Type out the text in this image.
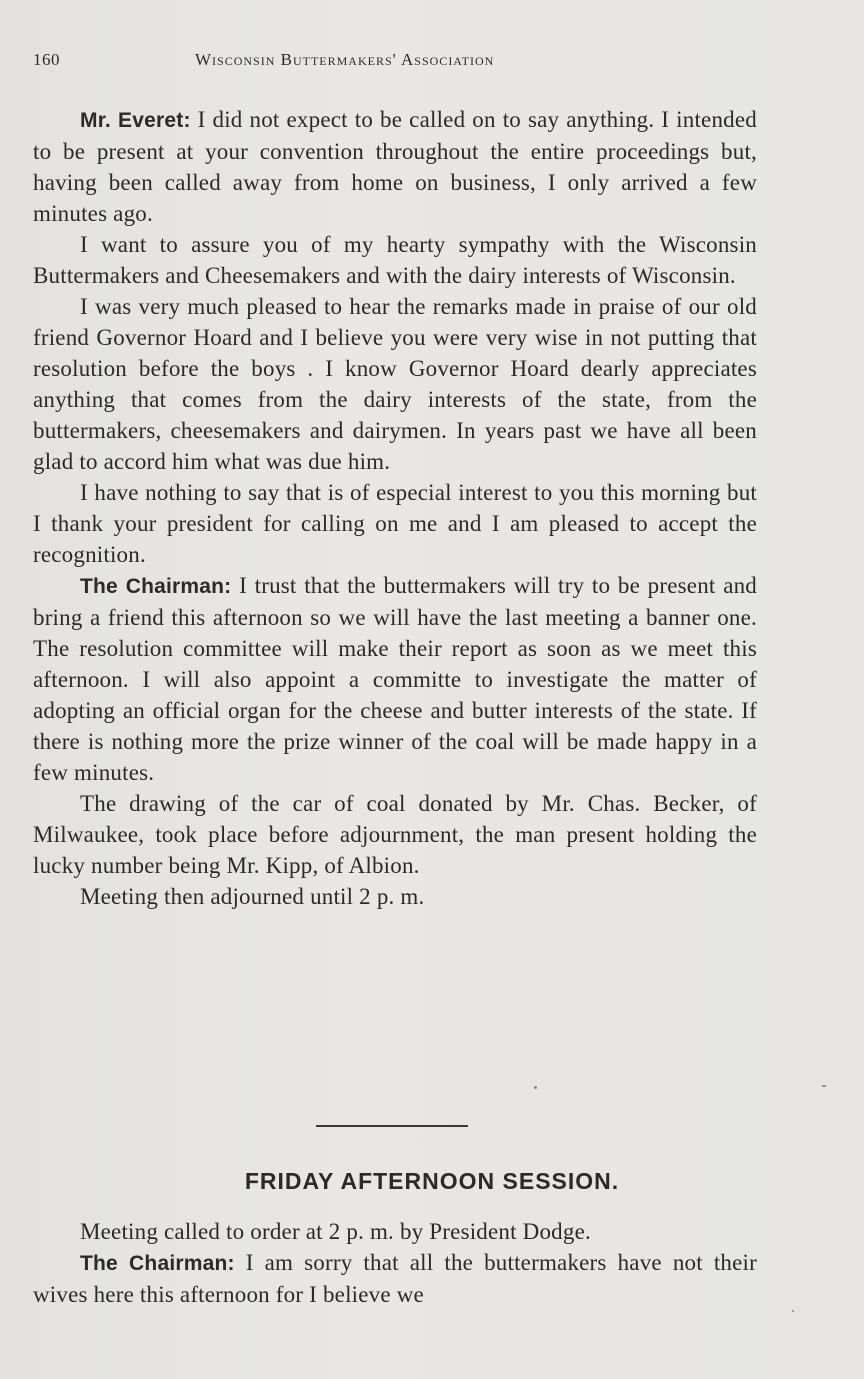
160	Wisconsin Buttermakers' Association

Mr. Everet: I did not expect to be called on to say anything. I intended to be present at your convention throughout the entire proceedings but, having been called away from home on business, I only arrived a few minutes ago.

I want to assure you of my hearty sympathy with the Wisconsin Buttermakers and Cheesemakers and with the dairy interests of Wisconsin.

I was very much pleased to hear the remarks made in praise of our old friend Governor Hoard and I believe you were very wise in not putting that resolution before the boys . I know Governor Hoard dearly appreciates anything that comes from the dairy interests of the state, from the buttermakers, cheesemakers and dairymen. In years past we have all been glad to accord him what was due him.

I have nothing to say that is of especial interest to you this morning but I thank your president for calling on me and I am pleased to accept the recognition.

The Chairman: I trust that the buttermakers will try to be present and bring a friend this afternoon so we will have the last meeting a banner one. The resolution committee will make their report as soon as we meet this afternoon. I will also appoint a committe to investigate the matter of adopting an official organ for the cheese and butter interests of the state. If there is nothing more the prize winner of the coal will be made happy in a few minutes.

The drawing of the car of coal donated by Mr. Chas. Becker, of Milwaukee, took place before adjournment, the man present holding the lucky number being Mr. Kipp, of Albion.

Meeting then adjourned until 2 p. m.

FRIDAY AFTERNOON SESSION.

Meeting called to order at 2 p. m. by President Dodge.

The Chairman: I am sorry that all the buttermakers have not their wives here this afternoon for I believe we
